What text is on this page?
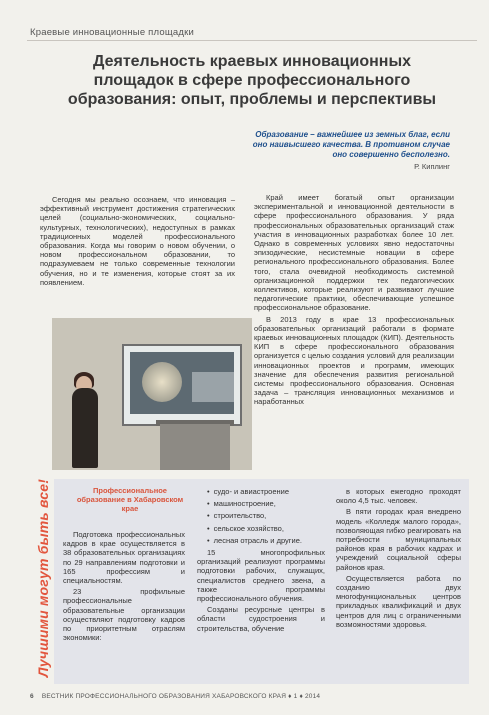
Краевые инновационные площадки
Деятельность краевых инновационных площадок в сфере профессионального образования: опыт, проблемы и перспективы
Образование – важнейшее из земных благ, если оно наивысшего качества. В противном случае оно совершенно бесполезно.
Р. Киплинг

Сегодня мы реально осознаем, что инновация – эффективный инструмент достижения стратегических целей (социально-экономических, социально-культурных, технологических), недоступных в рамках традиционных моделей профессионального образования. Когда мы говорим о новом обучении, о новом профессиональном образовании, то подразумеваем не только современные технологии обучения, но и те изменения, которые стоят за их появлением.

Край имеет богатый опыт организации экспериментальной и инновационной деятельности в сфере профессионального образования. У ряда профессиональных образовательных организаций стаж участия в инновационных разработках более 10 лет. Однако в современных условиях явно недостаточны эпизодические, несистемные новации в сфере регионального профессионального образования. Более того, стала очевидной необходимость системной организационной поддержки тех педагогических коллективов, которые реализуют и развивают лучшие педагогические практики, обеспечивающие успешное профессиональное образование.

В 2013 году в крае 13 профессиональных образовательных организаций работали в формате краевых инновационных площадок (КИП). Деятельность КИП в сфере профессионального образования организуется с целью создания условий для реализации инновационных проектов и программ, имеющих значение для обеспечения развития региональной системы профессионального образования. Основная задача – трансляция инновационных механизмов и наработанных

Лучшими могут быть все!	Профессиональное образование в Хабаровском крае

Подготовка профессиональных кадров в крае осуществляется в 38 образовательных организациях по 29 направлениям подготовки и 165 профессиям и специальностям.

23 профильные профессиональные образовательные организации осуществляют подготовку кадров по приоритетным отраслям экономики:

• судо- и авиастроение
• машиностроение,
• строительство,
• сельское хозяйство,
• лесная отрасль и другие.

15 многопрофильных организаций реализуют программы подготовки рабочих, служащих, специалистов среднего звена, а также программы профессионального обучения.

Созданы ресурсные центры в области судостроения и строительства, обучение

в которых ежегодно проходят около 4,5 тыс. человек.

В пяти городах края внедрено модель «Колледж малого города», позволяющая гибко реагировать на потребности муниципальных районов края в рабочих кадрах и учреждений социальной сферы районов края.

Осуществляется работа по созданию двух многофункциональных центров прикладных квалификаций и двух центров для лиц с ограниченными возможностями здоровья.

6 ВЕСТНИК ПРОФЕССИОНАЛЬНОГО ОБРАЗОВАНИЯ ХАБАРОВСКОГО КРАЯ ♦ 1 ♦ 2014
